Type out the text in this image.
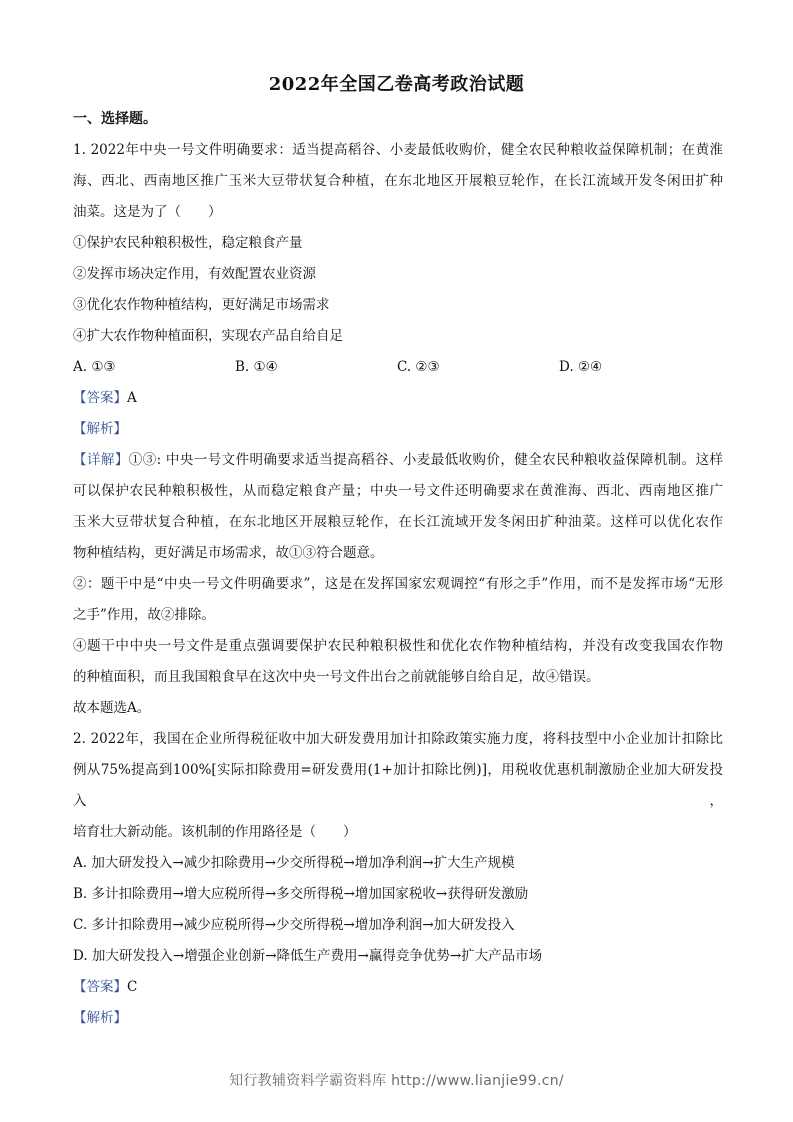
2022年全国乙卷高考政治试题

一、选择题。

1. 2022年中央一号文件明确要求：适当提高稻谷、小麦最低收购价，健全农民种粮收益保障机制；在黄淮

海、西北、西南地区推广玉米大豆带状复合种植，在东北地区开展粮豆轮作，在长江流域开发冬闲田扩种

油菜。这是为了（　　）

①保护农民种粮积极性，稳定粮食产量

②发挥市场决定作用，有效配置农业资源

③优化农作物种植结构，更好满足市场需求

④扩大农作物种植面积，实现农产品自给自足

A. ①③	B. ①④	C. ②③	D. ②④

【答案】A

【解析】

【详解】①③: 中央一号文件明确要求适当提高稻谷、小麦最低收购价，健全农民种粮收益保障机制。这样

可以保护农民种粮积极性，从而稳定粮食产量；中央一号文件还明确要求在黄淮海、西北、西南地区推广

玉米大豆带状复合种植，在东北地区开展粮豆轮作，在长江流域开发冬闲田扩种油菜。这样可以优化农作

物种植结构，更好满足市场需求，故①③符合题意。

②：题干中是“中央一号文件明确要求”，这是在发挥国家宏观调控“有形之手”作用，而不是发挥市场“无形

之手”作用，故②排除。

④题干中中央一号文件是重点强调要保护农民种粮积极性和优化农作物种植结构，并没有改变我国农作物

的种植面积，而且我国粮食早在这次中央一号文件出台之前就能够自给自足，故④错误。

故本题选A。

2. 2022年，我国在企业所得税征收中加大研发费用加计扣除政策实施力度，将科技型中小企业加计扣除比

例从75%提高到100%[实际扣除费用=研发费用(1+加计扣除比例)]，用税收优惠机制激励企业加大研发投入，

培育壮大新动能。该机制的作用路径是（　　）

A. 加大研发投入→减少扣除费用→少交所得税→增加净利润→扩大生产规模

B. 多计扣除费用→增大应税所得→多交所得税→增加国家税收→获得研发激励

C. 多计扣除费用→减少应税所得→少交所得税→增加净利润→加大研发投入

D. 加大研发投入→增强企业创新→降低生产费用→赢得竞争优势→扩大产品市场

【答案】C

【解析】

知行教辅资料学霸资料库 http://www.lianjie99.cn/
